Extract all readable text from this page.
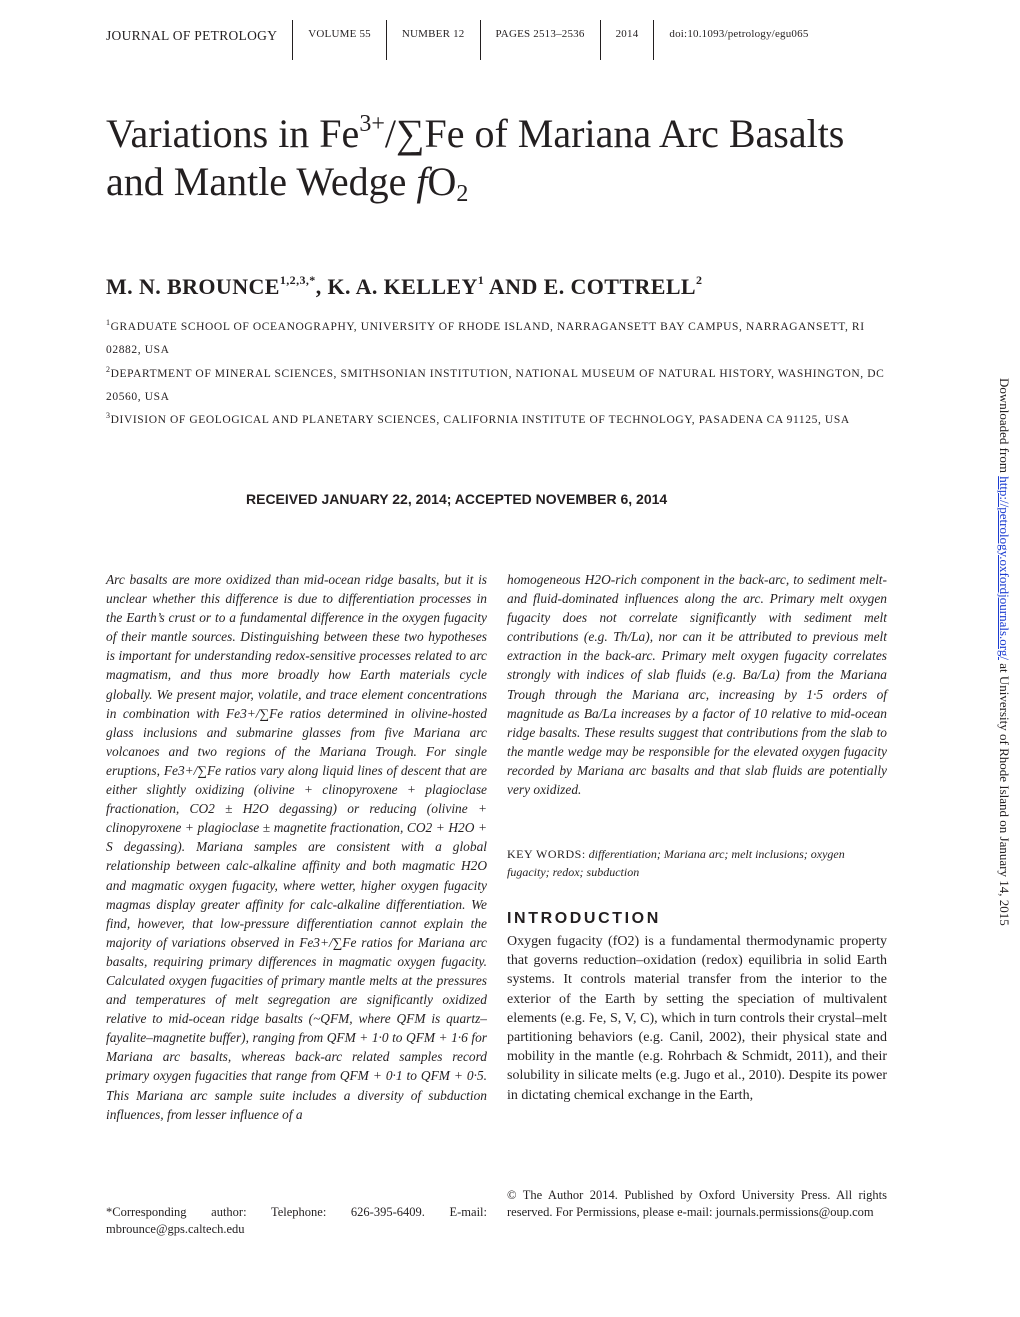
JOURNAL OF PETROLOGY	VOLUME 55	NUMBER 12	PAGES 2513–2536	2014	doi:10.1093/petrology/egu065
Variations in $Fe^{3+}/\sum Fe$ of Mariana Arc Basalts
and Mantle Wedge $fO_2$
M. N. $BROUNCE^{1,2,3,*}$, K. A. KELLEY$^1$ AND E. COTTRELL$^2$
$^1$GRADUATE SCHOOL OF OCEANOGRAPHY, UNIVERSITY OF RHODE ISLAND, NARRAGANSETT BAY CAMPUS, NARRAGANSETT, RI 02882, USA
$^2$DEPARTMENT OF MINERAL SCIENCES, SMITHSONIAN INSTITUTION, NATIONAL MUSEUM OF NATURAL HISTORY, WASHINGTON, DC 20560, USA
$^3$DIVISION OF GEOLOGICAL AND PLANETARY SCIENCES, CALIFORNIA INSTITUTE OF TECHNOLOGY, PASADENA CA 91125, USA
RECEIVED JANUARY 22, 2014; ACCEPTED NOVEMBER 6, 2014
Arc basalts are more oxidized than mid-ocean ridge basalts, but it is unclear whether this difference is due to differentiation processes in the Earth’s crust or to a fundamental difference in the oxygen fugacity of their mantle sources. Distinguishing between these two hypotheses is important for understanding redox-sensitive processes related to arc magmatism, and thus more broadly how Earth materials cycle globally. We present major, volatile, and trace element concentrations in combination with Fe3+/∑Fe ratios determined in olivine-hosted glass inclusions and submarine glasses from five Mariana arc volcanoes and two regions of the Mariana Trough. For single eruptions, Fe3+/∑Fe ratios vary along liquid lines of descent that are either slightly oxidizing (olivine + clinopyroxene + plagioclase fractionation, CO2 ± H2O degassing) or reducing (olivine + clinopyroxene + plagioclase ± magnetite fractionation, CO2 + H2O + S degassing). Mariana samples are consistent with a global relationship between calc-alkaline affinity and both magmatic H2O and magmatic oxygen fugacity, where wetter, higher oxygen fugacity magmas display greater affinity for calc-alkaline differentiation. We find, however, that low-pressure differentiation cannot explain the majority of variations observed in Fe3+/∑Fe ratios for Mariana arc basalts, requiring primary differences in magmatic oxygen fugacity. Calculated oxygen fugacities of primary mantle melts at the pressures and temperatures of melt segregation are significantly oxidized relative to mid-ocean ridge basalts (~QFM, where QFM is quartz–fayalite–magnetite buffer), ranging from QFM + 1·0 to QFM + 1·6 for Mariana arc basalts, whereas back-arc related samples record primary oxygen fugacities that range from QFM + 0·1 to QFM + 0·5. This Mariana arc sample suite includes a diversity of subduction influences, from lesser influence of a
homogeneous H2O-rich component in the back-arc, to sediment melt- and fluid-dominated influences along the arc. Primary melt oxygen fugacity does not correlate significantly with sediment melt contributions (e.g. Th/La), nor can it be attributed to previous melt extraction in the back-arc. Primary melt oxygen fugacity correlates strongly with indices of slab fluids (e.g. Ba/La) from the Mariana Trough through the Mariana arc, increasing by 1·5 orders of magnitude as Ba/La increases by a factor of 10 relative to mid-ocean ridge basalts. These results suggest that contributions from the slab to the mantle wedge may be responsible for the elevated oxygen fugacity recorded by Mariana arc basalts and that slab fluids are potentially very oxidized.
KEY WORDS: differentiation; Mariana arc; melt inclusions; oxygen fugacity; redox; subduction
INTRODUCTION
Oxygen fugacity (fO2) is a fundamental thermodynamic property that governs reduction–oxidation (redox) equilibria in solid Earth systems. It controls material transfer from the interior to the exterior of the Earth by setting the speciation of multivalent elements (e.g. Fe, S, V, C), which in turn controls their crystal–melt partitioning behaviors (e.g. Canil, 2002), their physical state and mobility in the mantle (e.g. Rohrbach & Schmidt, 2011), and their solubility in silicate melts (e.g. Jugo et al., 2010). Despite its power in dictating chemical exchange in the Earth,
*Corresponding author: Telephone: 626-395-6409. E-mail: mbrounce@gps.caltech.edu
© The Author 2014. Published by Oxford University Press. All rights reserved. For Permissions, please e-mail: journals.permissions@oup.com
Downloaded from http://petrology.oxfordjournals.org/ at University of Rhode Island on January 14, 2015
